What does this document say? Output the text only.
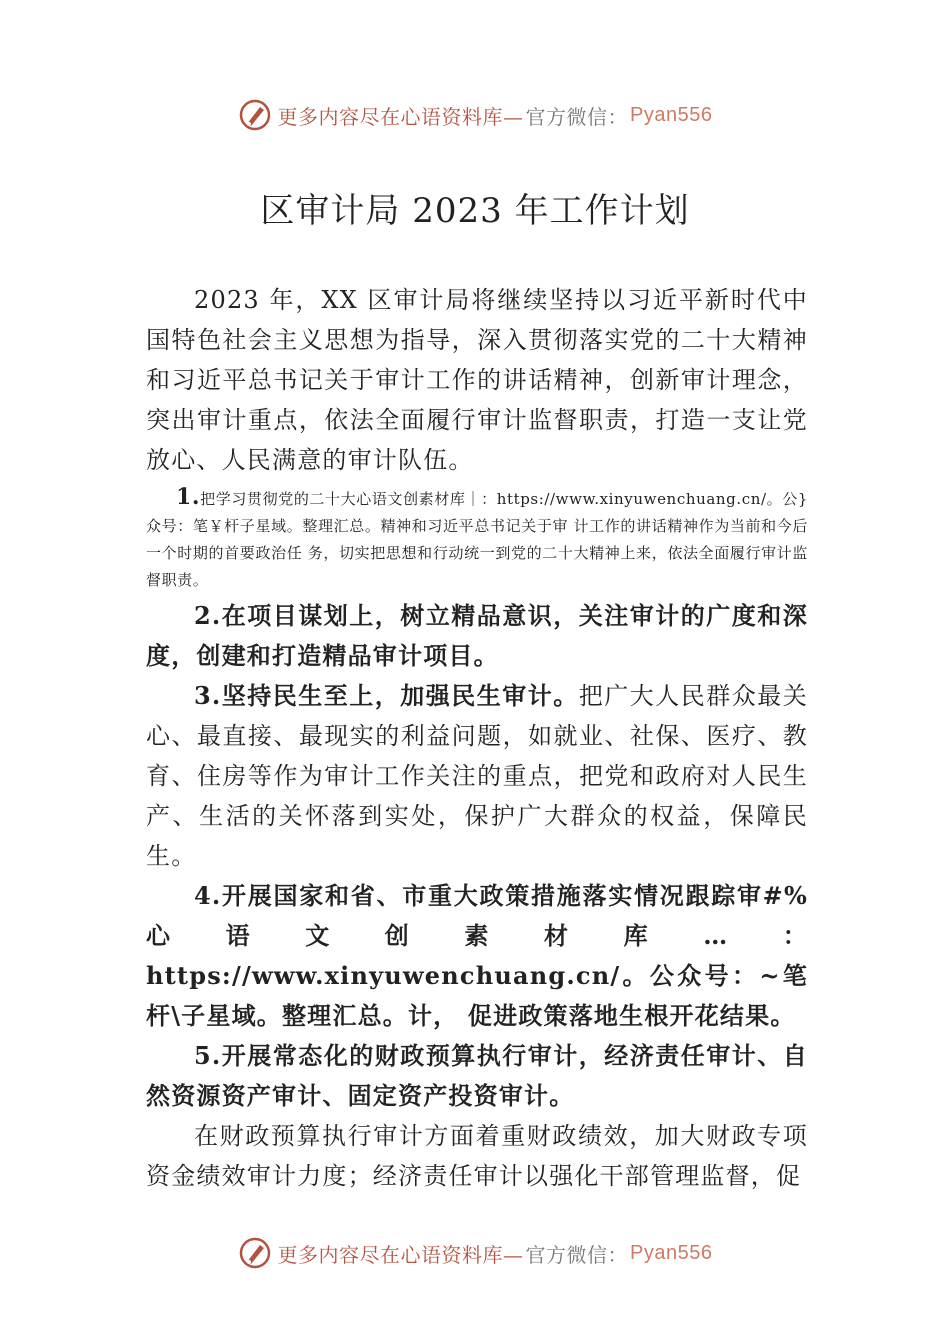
更多内容尽在心语资料库— 官方微信： Pyan556
区审计局 2023 年工作计划

2023 年，XX 区审计局将继续坚持以习近平新时代中国特色社会主义思想为指导，深入贯彻落实党的二十大精神和习近平总书记关于审计工作的讲话精神，创新审计理念，突出审计重点，依法全面履行审计监督职责，打造一支让党放心、人民满意的审计队伍。

1.把学习贯彻党的二十大心语文创素材库｜：https://www.xinyuwenchuang.cn/。公}众号：笔￥杆子星域。整理汇总。精神和习近平总书记关于审 计工作的讲话精神作为当前和今后一个时期的首要政治任 务，切实把思想和行动统一到党的二十大精神上来，依法全面履行审计监督职责。

2.在项目谋划上，树立精品意识，关注审计的广度和深度，创建和打造精品审计项目。

3.坚持民生至上，加强民生审计。把广大人民群众最关心、最直接、最现实的利益问题，如就业、社保、医疗、教育、住房等作为审计工作关注的重点，把党和政府对人民生产、生活的关怀落到实处，保护广大群众的权益，保障民生。

4.开展国家和省、市重大政策措施落实情况跟踪审#%心语文创素材库…：https://www.xinyuwenchuang.cn/。公众号：~笔杆\子星域。整理汇总。计， 促进政策落地生根开花结果。

5.开展常态化的财政预算执行审计，经济责任审计、自然资源资产审计、固定资产投资审计。

在财政预算执行审计方面着重财政绩效，加大财政专项资金绩效审计力度；经济责任审计以强化干部管理监督，促

更多内容尽在心语资料库— 官方微信： Pyan556
